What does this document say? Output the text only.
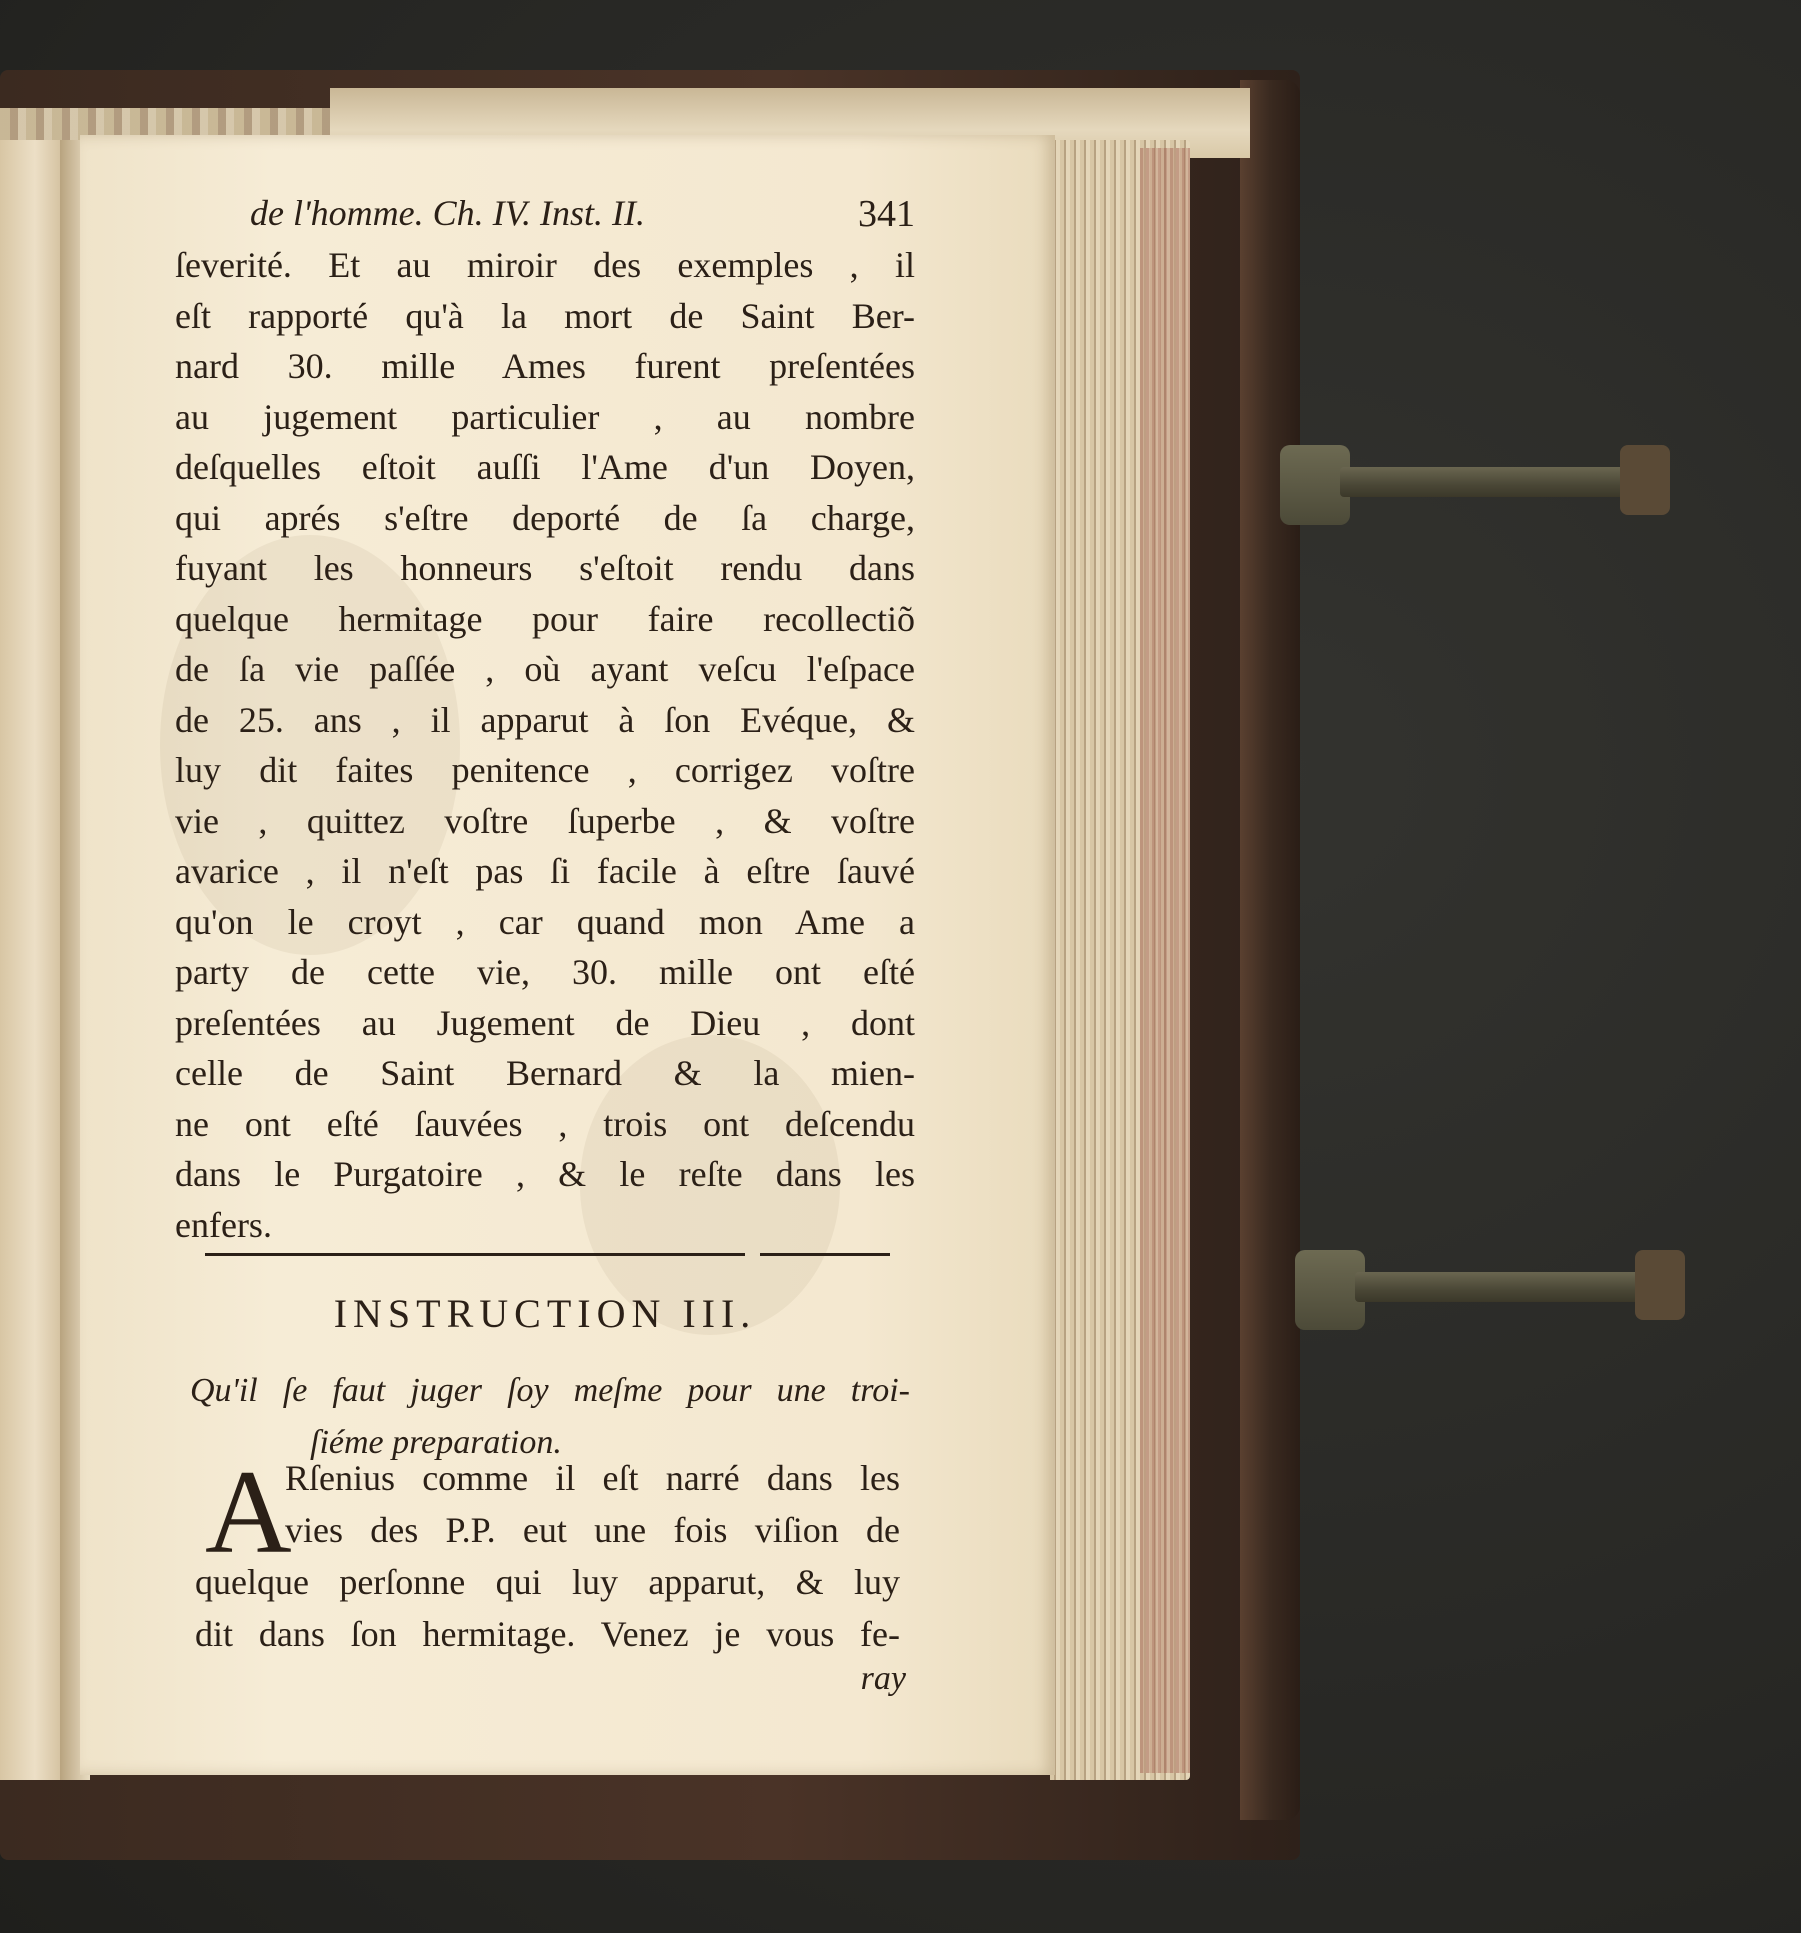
de l'homme. Ch. IV. Inst. II.	341
ſeverité. Et au miroir des exemples , il
eſt rapporté qu'à la mort de Saint Ber-
nard 30. mille Ames furent preſentées
au jugement particulier , au nombre
deſquelles eſtoit auſſi l'Ame d'un Doyen,
qui aprés s'eſtre deporté de ſa charge,
fuyant les honneurs s'eſtoit rendu dans
quelque hermitage pour faire recollectiõ
de ſa vie paſſée , où ayant veſcu l'eſpace
de 25. ans , il apparut à ſon Evéque, &
luy dit faites penitence , corrigez voſtre
vie , quittez voſtre ſuperbe , & voſtre
avarice , il n'eſt pas ſi facile à eſtre ſauvé
qu'on le croyt , car quand mon Ame a
party de cette vie, 30. mille ont eſté
preſentées au Jugement de Dieu , dont
celle de Saint Bernard & la mien-
ne ont eſté ſauvées , trois ont deſcendu
dans le Purgatoire , & le reſte dans les
enfers.
INSTRUCTION III.
Qu'il ſe faut juger ſoy meſme pour une troi-
ſiéme preparation.
A
Rſenius comme il eſt narré dans les
vies des P.P. eut une fois viſion de
quelque perſonne qui luy apparut, & luy
dit dans ſon hermitage. Venez je vous fe-
ray
